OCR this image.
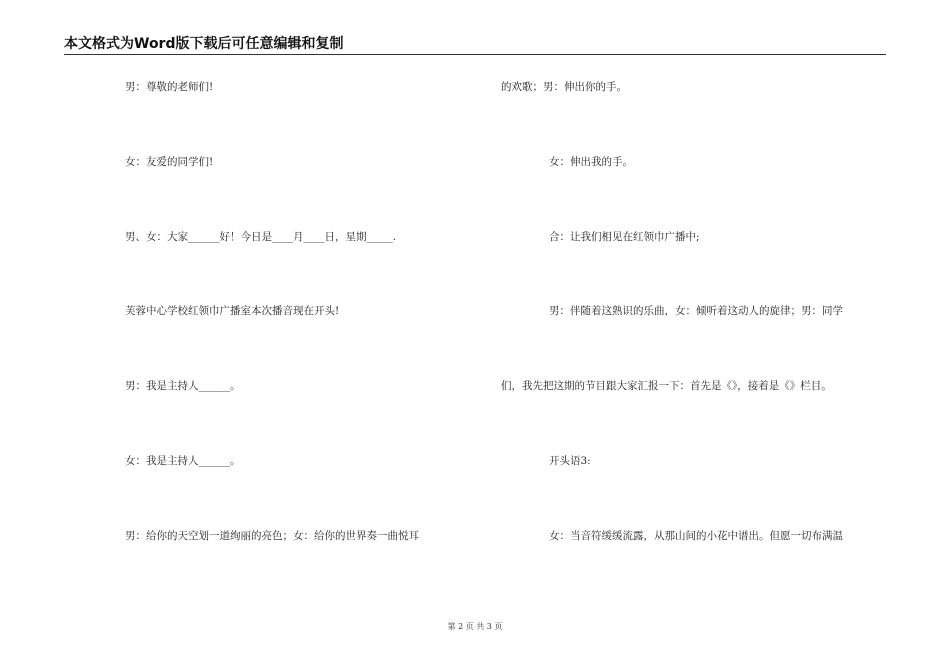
本文格式为Word版下载后可任意编辑和复制
男：尊敬的老师们!
女：友爱的同学们!
男、女：大家______好！今日是____月____日，星期_____.
芙蓉中心学校红领巾广播室本次播音现在开头!
男：我是主持人______。
女：我是主持人______。
男：给你的天空划一道绚丽的亮色；女：给你的世界奏一曲悦耳
的欢歌；男：伸出你的手。
女：伸出我的手。
合：让我们相见在红领巾广播中;
男：伴随着这熟识的乐曲，女：倾听着这动人的旋律；男：同学
们，我先把这期的节目跟大家汇报一下：首先是《》，接着是《》栏目。
开头语3:
女：当音符缓缓流露，从那山间的小花中谱出。但愿一切布满温
第 2 页 共 3 页
